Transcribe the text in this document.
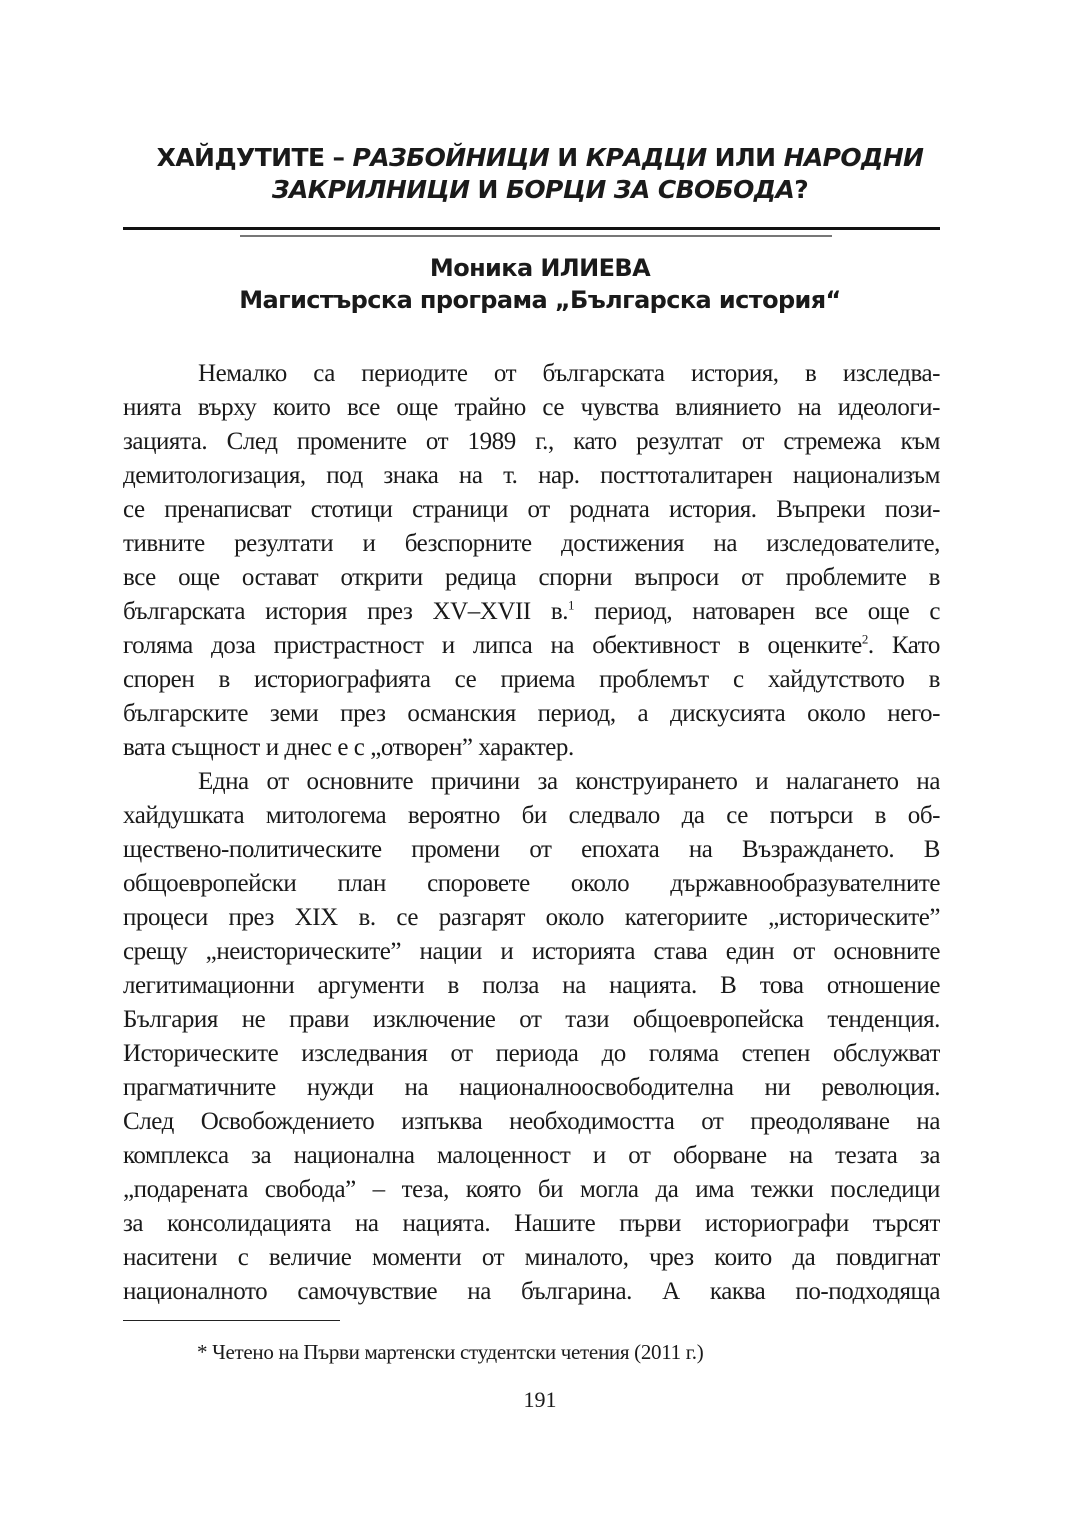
ХАЙДУТИТЕ – РАЗБОЙНИЦИ И КРАДЦИ ИЛИ НАРОДНИ
ЗАКРИЛНИЦИ И БОРЦИ ЗА СВОБОДА?
Моника ИЛИЕВА
Магистърска програма „Българска история“
Немалко са периодите от българската история, в изследва-
нията върху които все още трайно се чувства влиянието на идеологи-
зацията. След промените от 1989 г., като резултат от стремежа към
демитологизация, под знака на т. нар. посттоталитарен национализъм
се пренаписват стотици страници от родната история. Въпреки пози-
тивните резултати и безспорните достижения на изследователите,
все още остават открити редица спорни въпроси от проблемите в
българската история през XV–XVII в.$^1$ период, натоварен все още с
голяма доза пристрастност и липса на обективност в оценките$^2$. Като
спорен в историографията се приема проблемът с хайдутството в
българските земи през османския период, а дискусията около него-
вата същност и днес е с „отворен” характер.
Една от основните причини за конструирането и налагането на
хайдушката митологема вероятно би следвало да се потърси в об-
ществено-политическите промени от епохата на Възраждането. В
общоевропейски план споровете около държавнообразувателните
процеси през XIX в. се разгарят около категориите „историческите”
срещу „неисторическите” нации и историята става един от основните
легитимационни аргументи в полза на нацията. В това отношение
България не прави изключение от тази общоевропейска тенденция.
Историческите изследвания от периода до голяма степен обслужват
прагматичните нужди на националноосвободителна ни революция.
След Освобождението изпъква необходимостта от преодоляване на
комплекса за национална малоценност и от оборване на тезата за
„подарената свобода” – теза, която би могла да има тежки последици
за консолидацията на нацията. Нашите първи историографи търсят
наситени с величие моменти от миналото, чрез които да повдигнат
националното самочувствие на българина. А каква по-подходяща
* Четено на Първи мартенски студентски четения (2011 г.)
191
